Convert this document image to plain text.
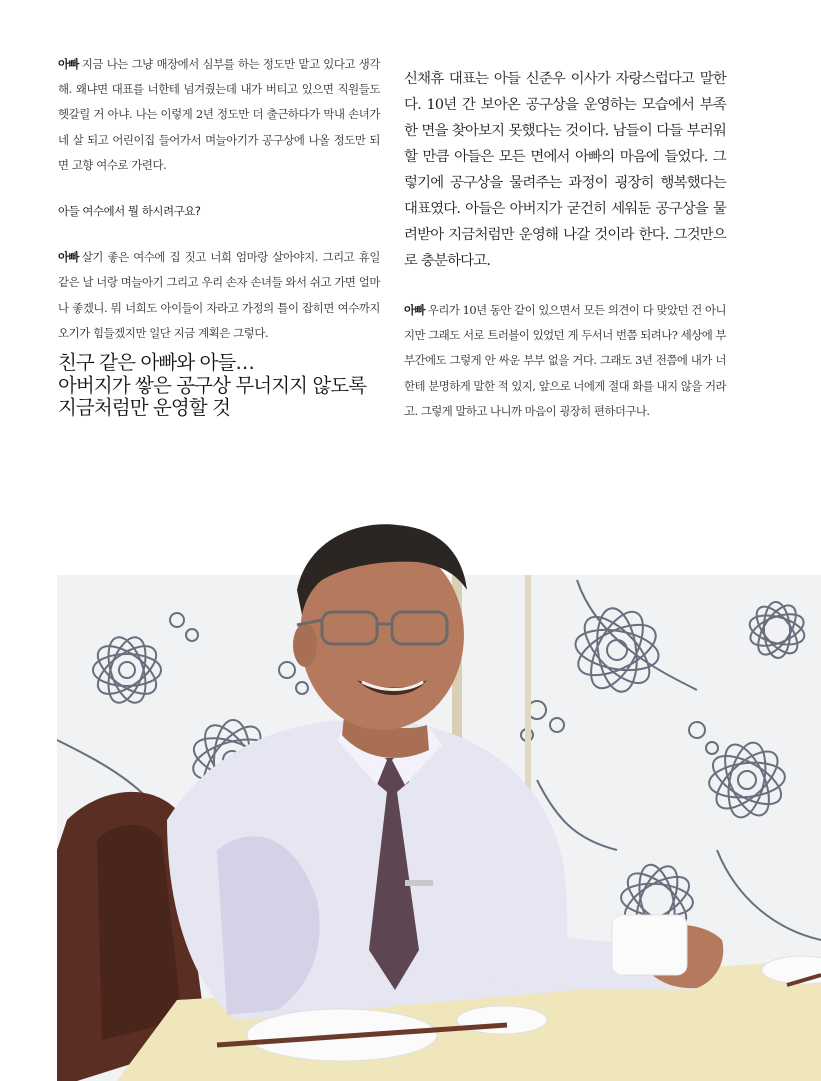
아빠 지금 나는 그냥 매장에서 심부를 하는 정도만 맡고 있다고 생각해. 왜냐면 대표를 너한테 넘겨줬는데 내가 버티고 있으면 직원들도 헷갈릴 거 아냐. 나는 이렇게 2년 정도만 더 출근하다가 막내 손녀가 네 살 되고 어린이집 들어가서 며늘아기가 공구상에 나올 정도만 되면 고향 여수로 가련다.

아들 여수에서 뭘 하시려구요?

아빠 살기 좋은 여수에 집 짓고 너희 엄마랑 살아야지. 그리고 휴일 같은 날 너랑 며늘아기 그리고 우리 손자 손녀들 와서 쉬고 가면 얼마나 좋겠니. 뭐 너희도 아이들이 자라고 가정의 틀이 잡히면 여수까지 오기가 힘들겠지만 일단 지금 계획은 그렇다.

친구 같은 아빠와 아들…
아버지가 쌓은 공구상 무너지지 않도록
지금처럼만 운영할 것

신채휴 대표는 아들 신준우 이사가 자랑스럽다고 말한다. 10년 간 보아온 공구상을 운영하는 모습에서 부족한 면을 찾아보지 못했다는 것이다. 남들이 다들 부러워할 만큼 아들은 모든 면에서 아빠의 마음에 들었다. 그렇기에 공구상을 물려주는 과정이 굉장히 행복했다는 대표였다. 아들은 아버지가 굳건히 세워둔 공구상을 물려받아 지금처럼만 운영해 나갈 것이라 한다. 그것만으로 충분하다고.

아빠 우리가 10년 동안 같이 있으면서 모든 의견이 다 맞았던 건 아니지만 그래도 서로 트러블이 있었던 게 두서너 번쯤 되려나? 세상에 부부간에도 그렇게 안 싸운 부부 없을 거다. 그래도 3년 전쯤에 내가 너한테 분명하게 말한 적 있지, 앞으로 너에게 절대 화를 내지 않을 거라고. 그렇게 말하고 나니까 마음이 굉장히 편하더구나.
